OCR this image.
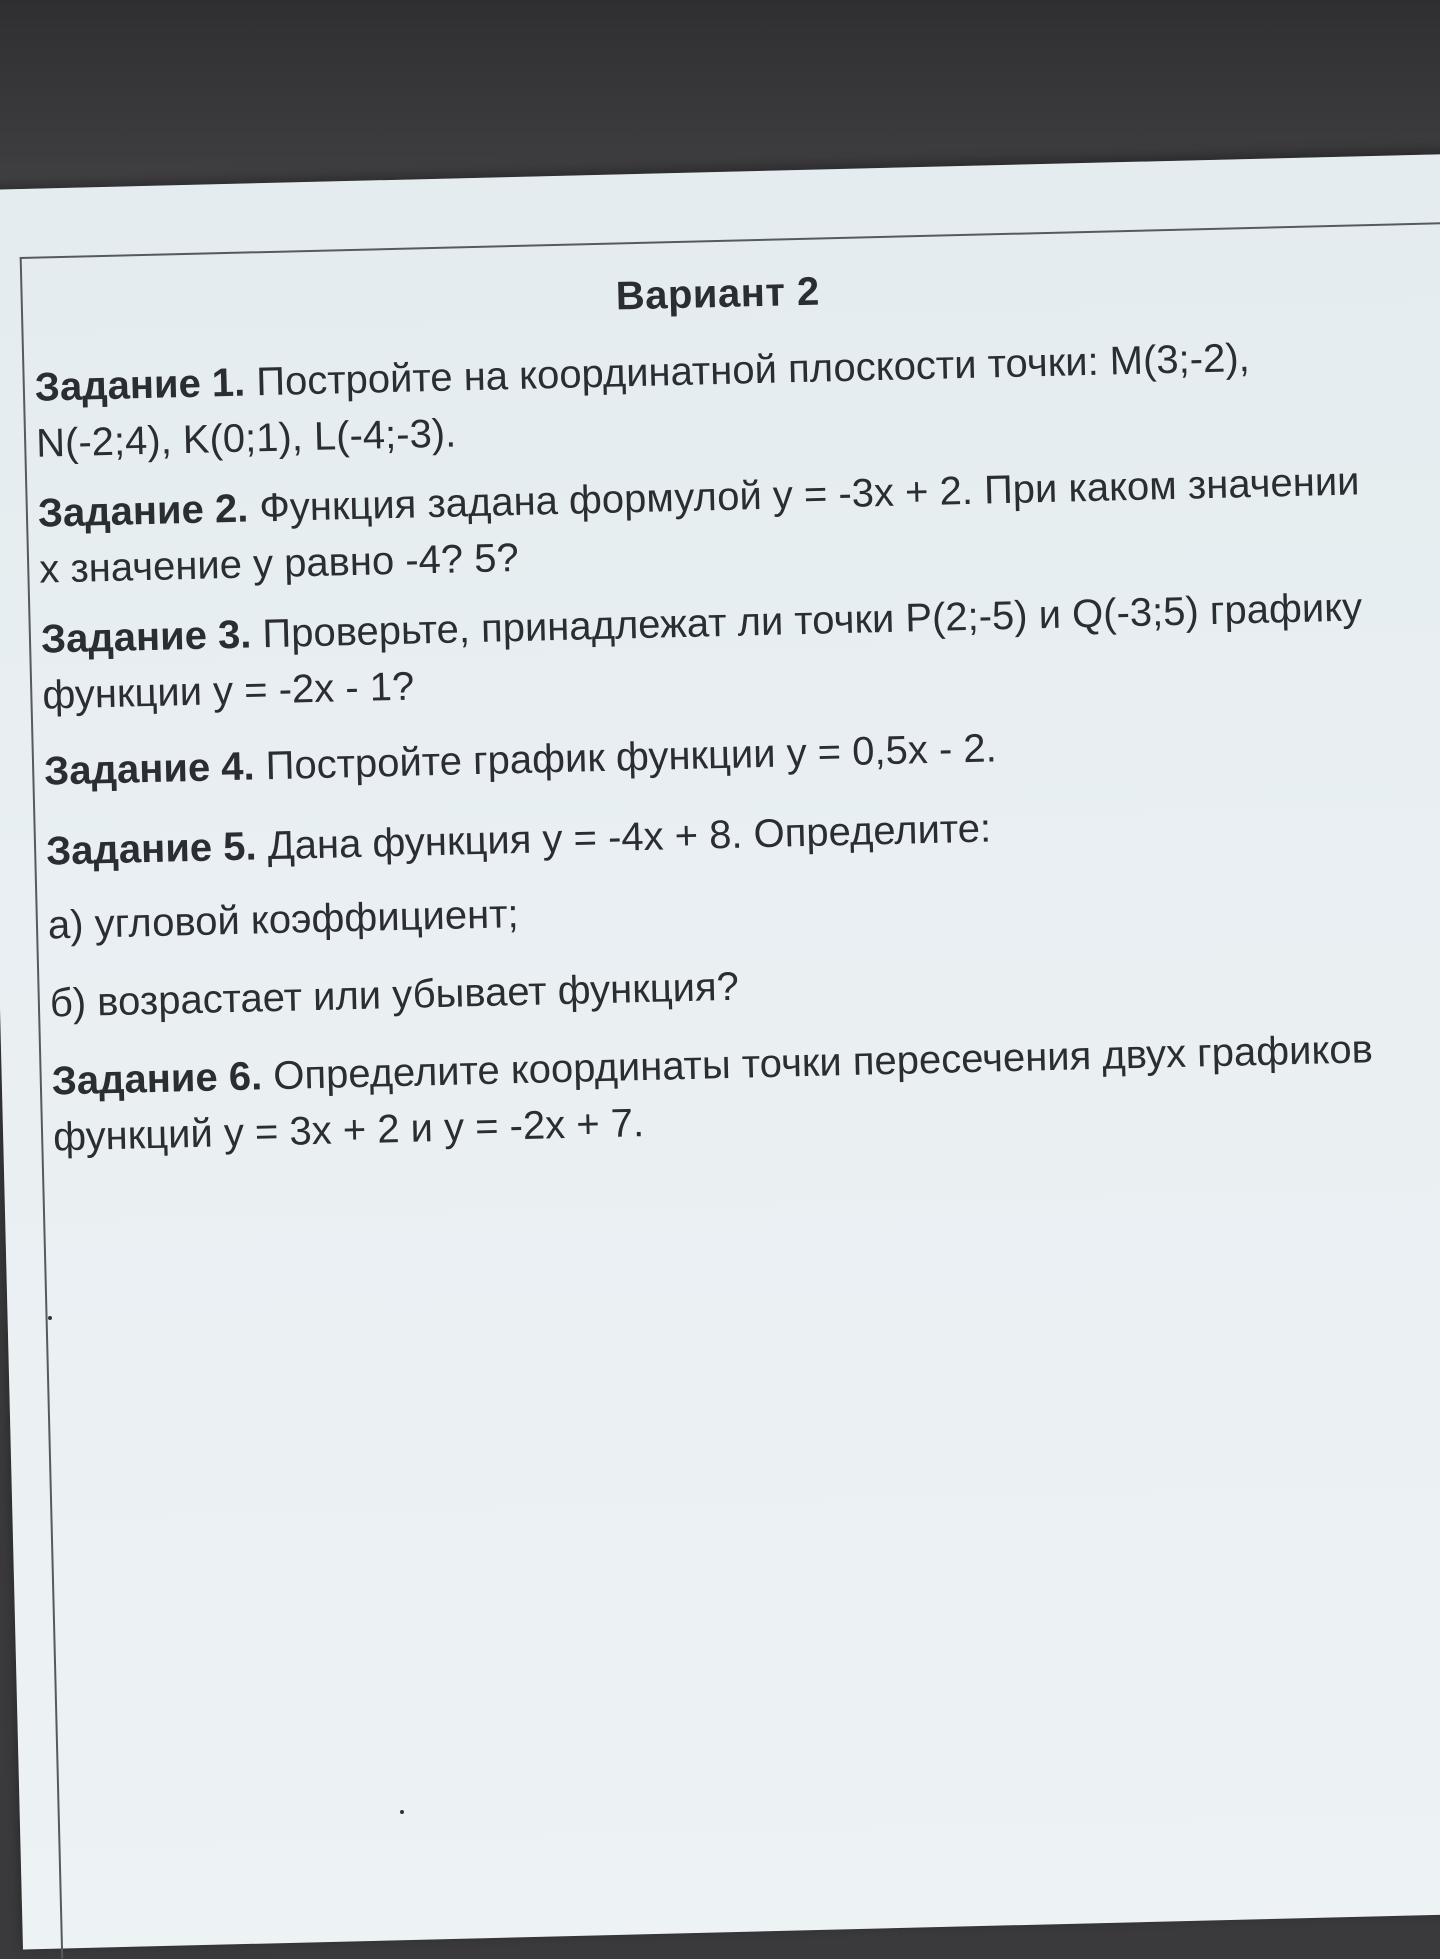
Вариант 2

Задание 1. Постройте на координатной плоскости точки: M(3;-2), N(-2;4), K(0;1), L(-4;-3).

Задание 2. Функция задана формулой y = -3x + 2. При каком значении x значение y равно -4? 5?

Задание 3. Проверьте, принадлежат ли точки P(2;-5) и Q(-3;5) графику функции y = -2x - 1?

Задание 4. Постройте график функции y = 0,5x - 2.

Задание 5. Дана функция y = -4x + 8. Определите:

а) угловой коэффициент;

б) возрастает или убывает функция?

Задание 6. Определите координаты точки пересечения двух графиков функций y = 3x + 2 и y = -2x + 7.
